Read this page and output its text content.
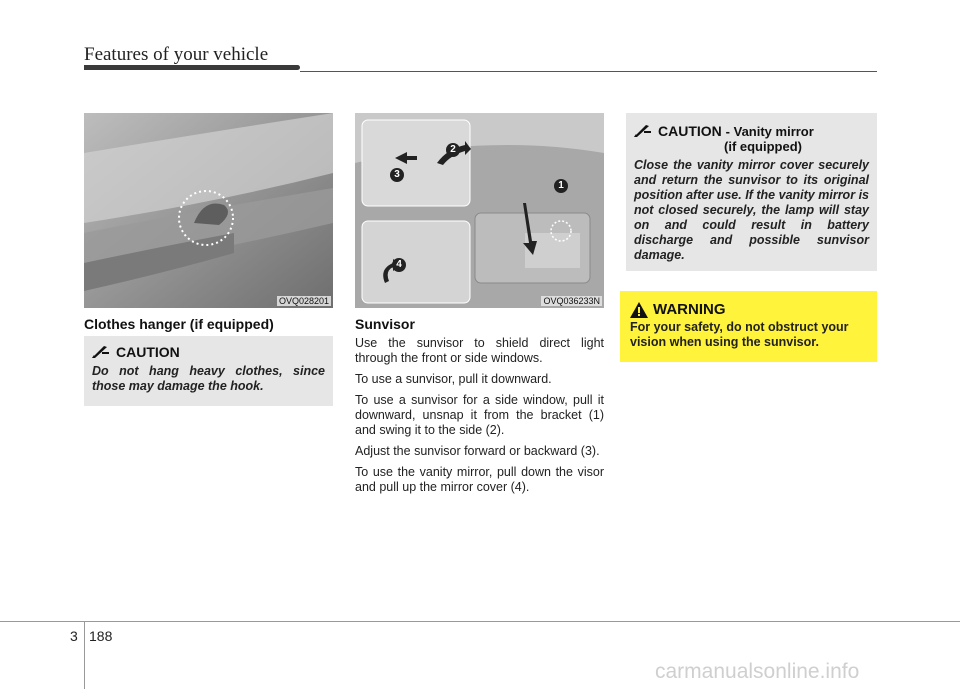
Features of your vehicle
OVQ028201
1
2
3
4
OVQ036233N
Clothes hanger (if equipped)
CAUTION
Do not hang heavy clothes, since those may damage the hook.
Sunvisor

Use the sunvisor to shield direct light through the front or side windows.

To use a sunvisor, pull it downward.

To use a sunvisor for a side window, pull it downward, unsnap it from the bracket (1) and swing it to the side (2).

Adjust the sunvisor forward or backward (3).

To use the vanity mirror, pull down the visor and pull up the mirror cover (4).

CAUTION - Vanity mirror
(if equipped)
Close the vanity mirror cover securely and return the sunvisor to its original position after use. If the vanity mirror is not closed securely, the lamp will stay on and could result in battery discharge and possible sunvisor damage.
WARNING
For your safety, do not obstruct your vision when using the sunvisor.
3 188
carmanualsonline.info
